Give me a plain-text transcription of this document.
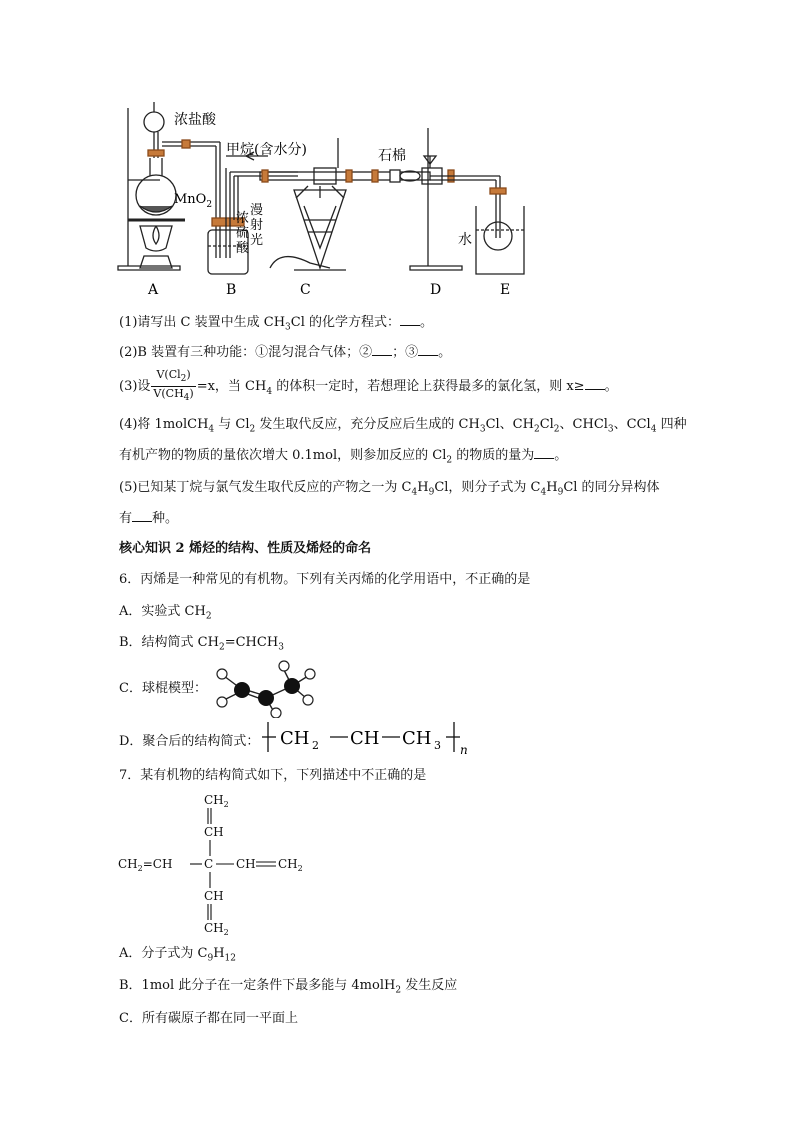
浓盐酸
MnO$_2$
甲烷(含水分)	石棉
漫
射
光
浓
硫
酸
水
A	B	C	D	E
(1)请写出 C 装置中生成 $CH_3Cl$ 的化学方程式： 。
(2)B 装置有三种功能：①混匀混合气体；② ；③ 。
(3)设 $\frac{V(Cl_2)}{V(CH_4)} =x$，当 $CH_4$ 的体积一定时，若想理论上获得最多的氯化氢，则 x≥ 。
(4)将 1molCH$_4$ 与 $Cl_2$ 发生取代反应，充分反应后生成的 $CH_3Cl$、$CH_2Cl_2$、CHCl$_3$、CCl$_4$ 四种
有机产物的物质的量依次增大 0.1mol，则参加反应的 $Cl_2$ 的物质的量为 。
(5)已知某丁烷与氯气发生取代反应的产物之一为 $C_4H_9Cl$，则分子式为 $C_4H_9Cl$ 的同分异构体
有 种。
核心知识 2 烯烃的结构、性质及烯烃的命名
6．丙烯是一种常见的有机物。下列有关丙烯的化学用语中，不正确的是
A．实验式 $CH_2$
B．结构简式 $CH_2=CHCH_3$
C．球棍模型：
D．聚合后的结构简式： CH 2 CH CH 3 n
7．某有机物的结构简式如下，下列描述中不正确的是
$CH_2$
CH
$CH_2=CH$	C CH $CH_2$
CH
$CH_2$
A．分子式为 $C_9H_{12}$
B．1mol 此分子在一定条件下最多能与 4molH$_2$ 发生反应
C．所有碳原子都在同一平面上
